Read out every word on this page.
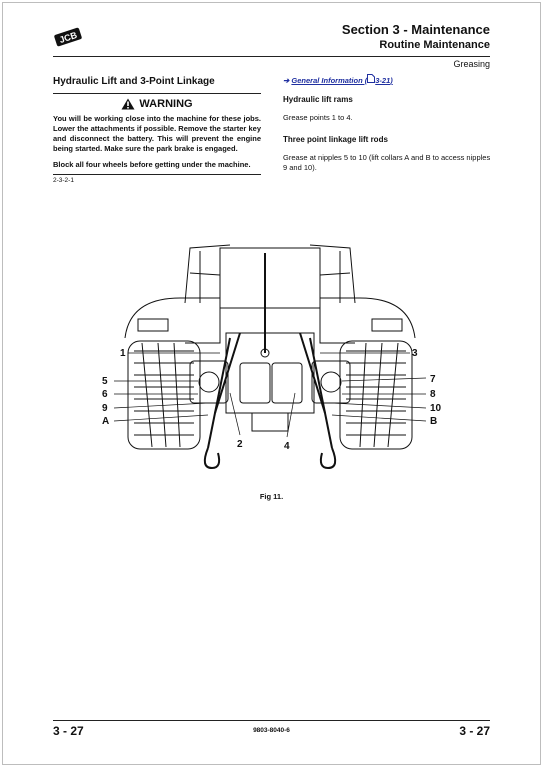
JCB
Section 3 - Maintenance
Routine Maintenance
Greasing
Hydraulic Lift and 3-Point Linkage
WARNING

You will be working close into the machine for these jobs. Lower the attachments if possible. Remove the starter key and disconnect the battery. This will prevent the engine being started. Make sure the park brake is engaged.

Block all four wheels before getting under the machine.

2-3-2-1
➔ General Information ( 3-21)
Hydraulic lift rams
Grease points 1 to 4.
Three point linkage lift rods
Grease at nipples 5 to 10 (lift collars A and B to access nipples 9 and 10).
1
5
6
9
A
2	4
3
7
8
10
B
Fig 11.
3 - 27	9803-8040-6	3 - 27
